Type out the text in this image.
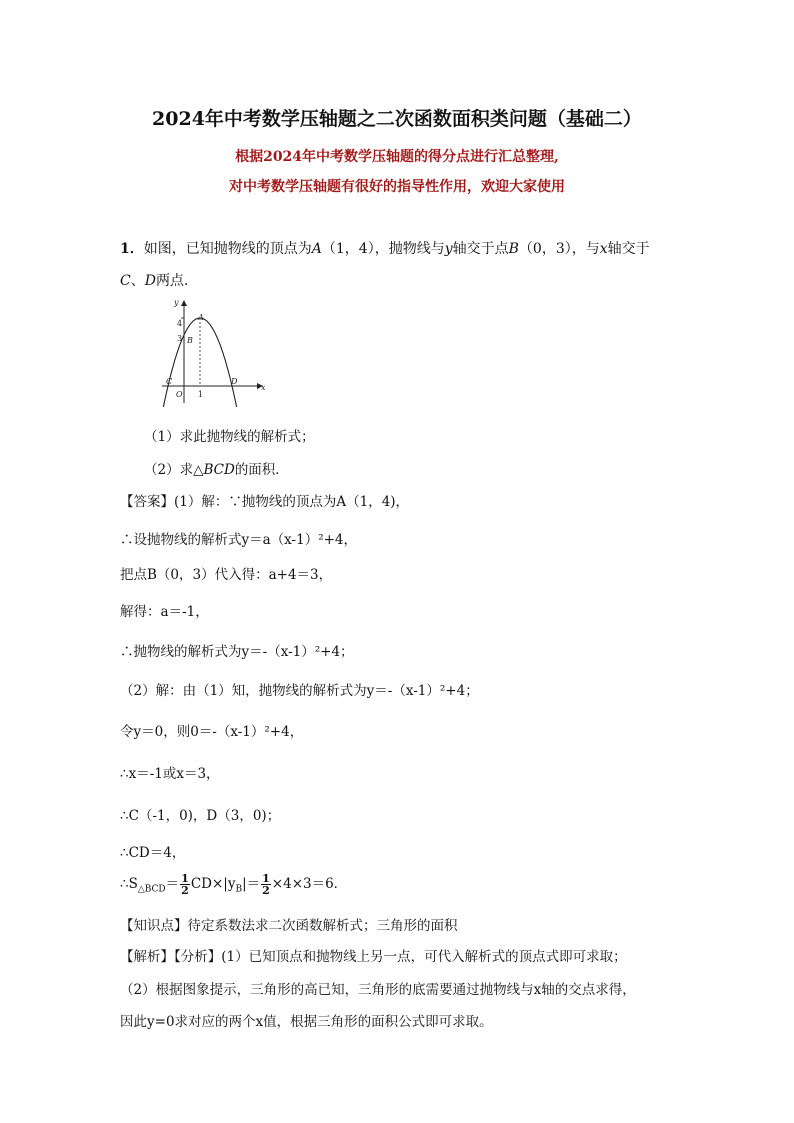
2024年中考数学压轴题之二次函数面积类问题（基础二）
根据2024年中考数学压轴题的得分点进行汇总整理,
对中考数学压轴题有很好的指导性作用，欢迎大家使用
1．如图，已知抛物线的顶点为A（1，4），抛物线与y轴交于点B（0，3），与x轴交于
C、D两点．
y
x
A
B
C	D
O
4
3
1
（1）求此抛物线的解析式；
（2）求△BCD的面积．
【答案】(1）解：∵抛物线的顶点为A（1，4)，
∴设抛物线的解析式y＝a（x-1）²+4，
把点B（0，3）代入得：a+4＝3，
解得：a＝-1，
∴抛物线的解析式为y＝-（x-1）²+4；
（2）解：由（1）知，抛物线的解析式为y＝-（x-1）²+4；
令y＝0，则0＝-（x-1）²+4，
∴x＝-1或x＝3，
∴C（-1，0)，D（3，0)；
∴CD＝4，
$\therefore S_{\triangle BCD}= \frac{1}{2} CD\times|y_B|= \frac{1}{2} \times 4\times 3=6$．
【知识点】待定系数法求二次函数解析式；三角形的面积
【解析】【分析】(1）已知顶点和抛物线上另一点，可代入解析式的顶点式即可求取；
（2）根据图象提示，三角形的高已知，三角形的底需要通过抛物线与x轴的交点求得，
因此y=0求对应的两个x值，根据三角形的面积公式即可求取。
